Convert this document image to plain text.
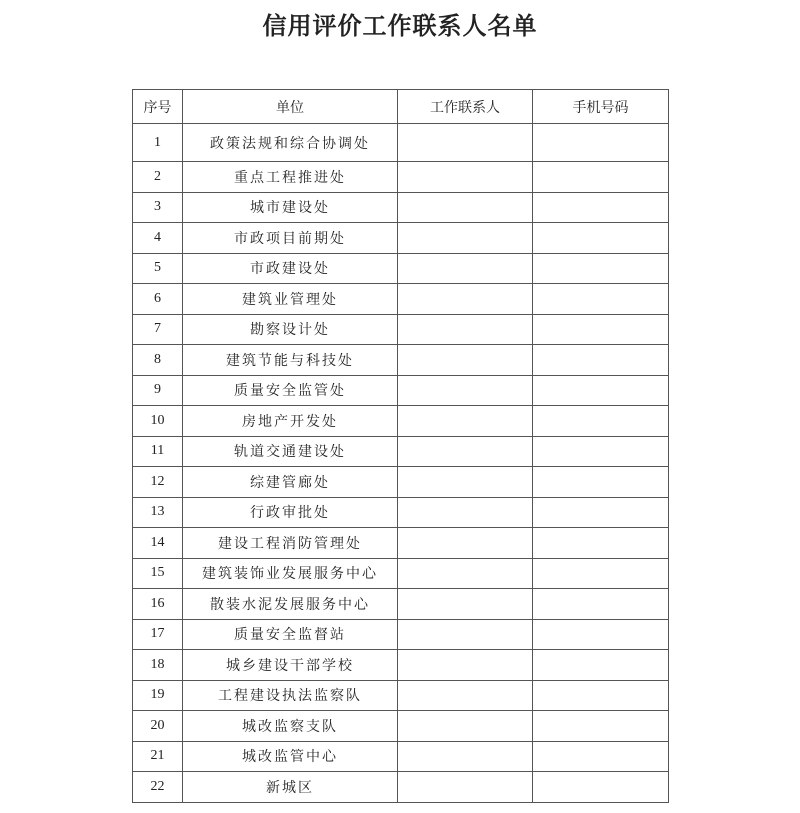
信用评价工作联系人名单
序号	单位	工作联系人	手机号码
1	政策法规和综合协调处		
2	重点工程推进处		
3	城市建设处		
4	市政项目前期处		
5	市政建设处		
6	建筑业管理处		
7	勘察设计处		
8	建筑节能与科技处		
9	质量安全监管处		
10	房地产开发处		
11	轨道交通建设处		
12	综建管廊处		
13	行政审批处		
14	建设工程消防管理处		
15	建筑装饰业发展服务中心		
16	散装水泥发展服务中心		
17	质量安全监督站		
18	城乡建设干部学校		
19	工程建设执法监察队		
20	城改监察支队		
21	城改监管中心		
22	新城区		
